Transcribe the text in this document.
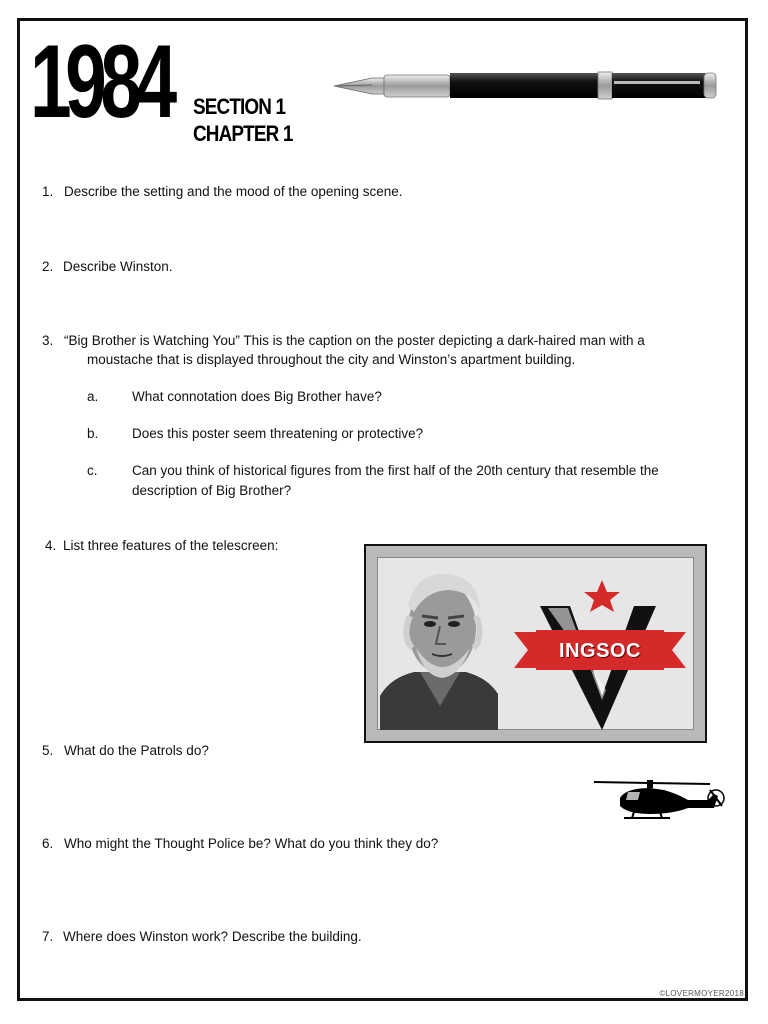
1984 SECTION 1
CHAPTER 1
1. Describe the setting and the mood of the opening scene.
2. Describe Winston.
3. “Big Brother is Watching You” This is the caption on the poster depicting a dark-haired man with a
moustache that is displayed throughout the city and Winston’s apartment building.
a. What connotation does Big Brother have?
b. Does this poster seem threatening or protective?
c.	Can you think of historical figures from the first half of the 20th century that resemble the description of Big Brother?
4. List three features of the telescreen:
INGSOC
5. What do the Patrols do?
6. Who might the Thought Police be? What do you think they do?
7. Where does Winston work? Describe the building.
©LOVERMOYER2018
